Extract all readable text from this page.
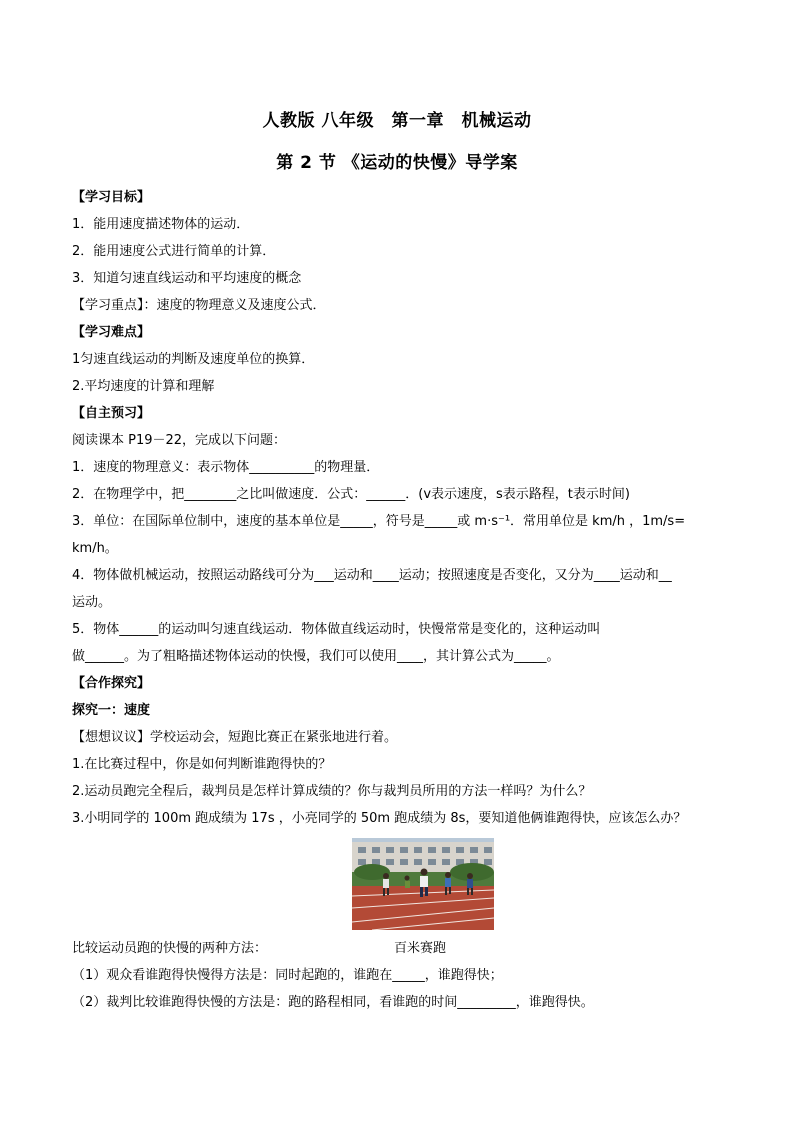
人教版 八年级　第一章　机械运动
第 2 节 《运动的快慢》导学案
【学习目标】
1．能用速度描述物体的运动．
2．能用速度公式进行简单的计算．
3．知道匀速直线运动和平均速度的概念
【学习重点】：速度的物理意义及速度公式．
【学习难点】
1匀速直线运动的判断及速度单位的换算．
2.平均速度的计算和理解
【自主预习】
阅读课本 P19－22，完成以下问题：
1．速度的物理意义：表示物体__________的物理量．
2．在物理学中，把________之比叫做速度．公式：______．(v表示速度，s表示路程，t表示时间)
3．单位：在国际单位制中，速度的基本单位是_____，符号是_____或 m·s⁻¹．常用单位是 km/h ，1m/s=
km/h。
4．物体做机械运动，按照运动路线可分为___运动和____运动；按照速度是否变化，又分为____运动和__
运动。
5．物体______的运动叫匀速直线运动．物体做直线运动时，快慢常常是变化的，这种运动叫
做______。为了粗略描述物体运动的快慢，我们可以使用____，其计算公式为_____。
【合作探究】
探究一：速度
【想想议议】学校运动会，短跑比赛正在紧张地进行着。
1.在比赛过程中，你是如何判断谁跑得快的？
2.运动员跑完全程后，裁判员是怎样计算成绩的？你与裁判员所用的方法一样吗？为什么？
3.小明同学的 100m 跑成绩为 17s ，小亮同学的 50m 跑成绩为 8s，要知道他俩谁跑得快，应该怎么办？
比较运动员跑的快慢的两种方法：	百米赛跑
（1）观众看谁跑得快慢得方法是：同时起跑的，谁跑在_____，谁跑得快；
（2）裁判比较谁跑得快慢的方法是：跑的路程相同，看谁跑的时间_________，谁跑得快。
